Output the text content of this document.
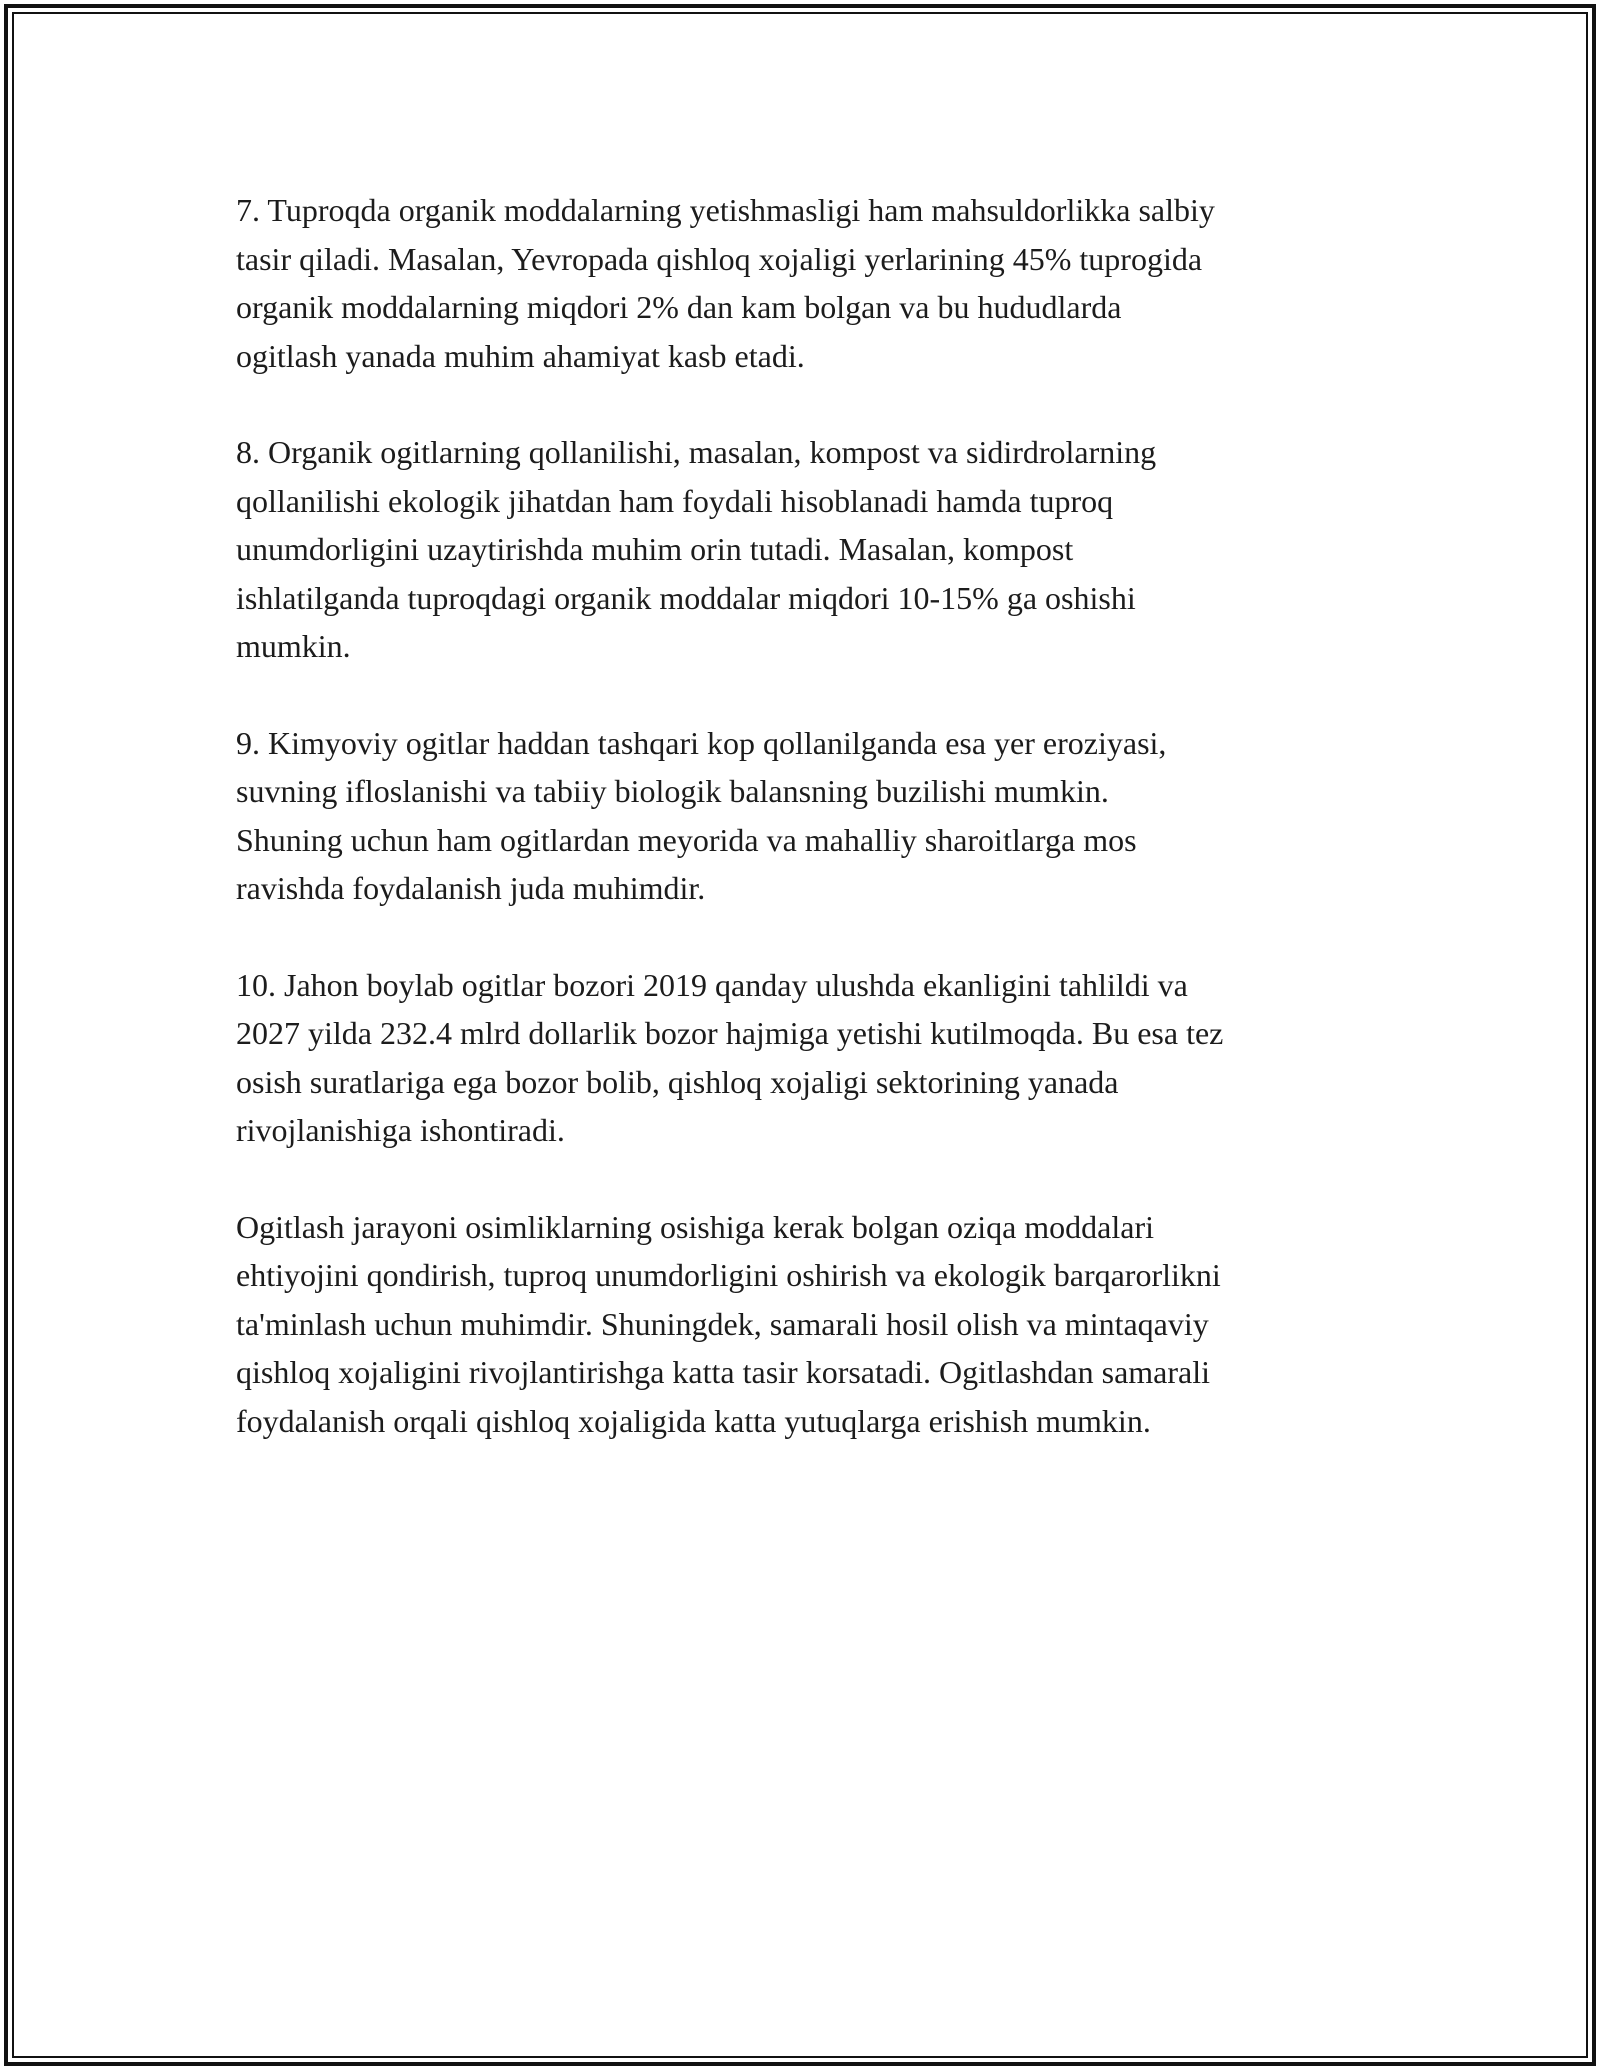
7. Tuproqda organik moddalarning yetishmasligi ham mahsuldorlikka salbiy
tasir qiladi. Masalan, Yevropada qishloq xojaligi yerlarining 45% tuprogida
organik moddalarning miqdori 2% dan kam bolgan va bu hududlarda
ogitlash yanada muhim ahamiyat kasb etadi.

8. Organik ogitlarning qollanilishi, masalan, kompost va sidirdrolarning
qollanilishi ekologik jihatdan ham foydali hisoblanadi hamda tuproq
unumdorligini uzaytirishda muhim orin tutadi. Masalan, kompost
ishlatilganda tuproqdagi organik moddalar miqdori 10-15% ga oshishi
mumkin.

9. Kimyoviy ogitlar haddan tashqari kop qollanilganda esa yer eroziyasi,
suvning ifloslanishi va tabiiy biologik balansning buzilishi mumkin.
Shuning uchun ham ogitlardan meyorida va mahalliy sharoitlarga mos
ravishda foydalanish juda muhimdir.

10. Jahon boylab ogitlar bozori 2019 qanday ulushda ekanligini tahlildi va
2027 yilda 232.4 mlrd dollarlik bozor hajmiga yetishi kutilmoqda. Bu esa tez
osish suratlariga ega bozor bolib, qishloq xojaligi sektorining yanada
rivojlanishiga ishontiradi.

Ogitlash jarayoni osimliklarning osishiga kerak bolgan oziqa moddalari
ehtiyojini qondirish, tuproq unumdorligini oshirish va ekologik barqarorlikni
ta'minlash uchun muhimdir. Shuningdek, samarali hosil olish va mintaqaviy
qishloq xojaligini rivojlantirishga katta tasir korsatadi. Ogitlashdan samarali
foydalanish orqali qishloq xojaligida katta yutuqlarga erishish mumkin.
